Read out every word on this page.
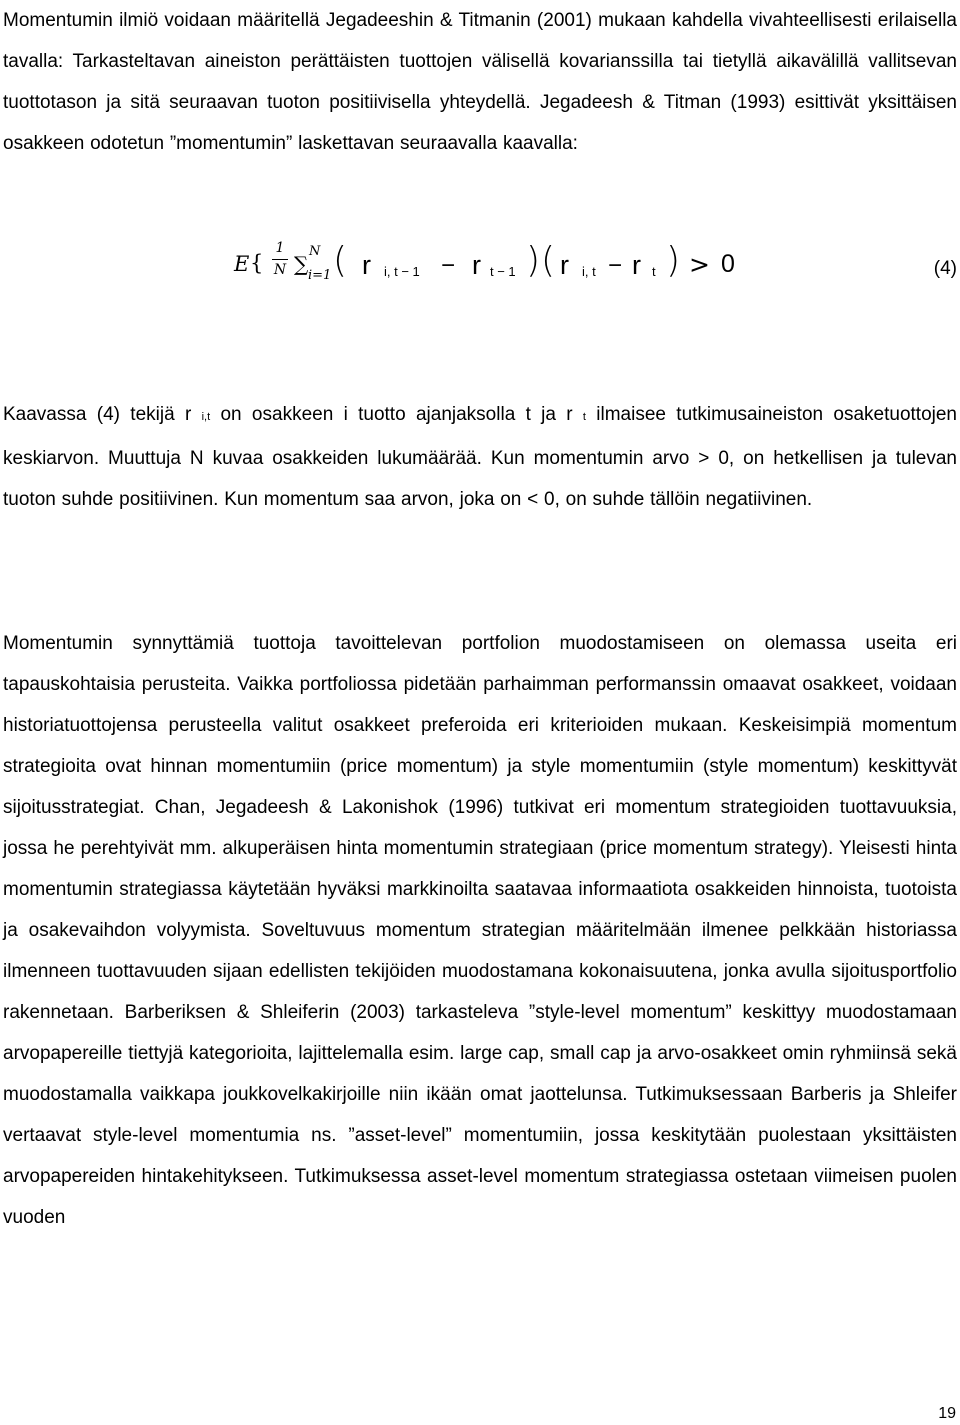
Momentumin ilmiö voidaan määritellä Jegadeeshin & Titmanin (2001) mukaan kahdella vivahteellisesti erilaisella tavalla: Tarkasteltavan aineiston perättäisten tuottojen välisellä kovarianssilla tai tietyllä aikavälillä vallitsevan tuottotason ja sitä seuraavan tuoton positiivisella yhteydellä. Jegadeesh & Titman (1993) esittivät yksittäisen osakkeen odotetun ”momentumin” laskettavan seuraavalla kaavalla:

E {
1
N ∑
N
i=1 ( r i, t − 1 − r t − 1 ) ( r i, t − r t ) > 0	(4)

Kaavassa (4) tekijä r i,t on osakkeen i tuotto ajanjaksolla t ja r t ilmaisee tutkimusaineiston osaketuottojen keskiarvon. Muuttuja N kuvaa osakkeiden lukumäärää. Kun momentumin arvo > 0, on hetkellisen ja tulevan tuoton suhde positiivinen. Kun momentum saa arvon, joka on < 0, on suhde tällöin negatiivinen.

Momentumin synnyttämiä tuottoja tavoittelevan portfolion muodostamiseen on olemassa useita eri tapauskohtaisia perusteita. Vaikka portfoliossa pidetään parhaimman performanssin omaavat osakkeet, voidaan historiatuottojensa perusteella valitut osakkeet preferoida eri kriterioiden mukaan. Keskeisimpiä momentum strategioita ovat hinnan momentumiin (price momentum) ja style momentumiin (style momentum) keskittyvät sijoitusstrategiat. Chan, Jegadeesh & Lakonishok (1996) tutkivat eri momentum strategioiden tuottavuuksia, jossa he perehtyivät mm. alkuperäisen hinta momentumin strategiaan (price momentum strategy). Yleisesti hinta momentumin strategiassa käytetään hyväksi markkinoilta saatavaa informaatiota osakkeiden hinnoista, tuotoista ja osakevaihdon volyymista. Soveltuvuus momentum strategian määritelmään ilmenee pelkkään historiassa ilmenneen tuottavuuden sijaan edellisten tekijöiden muodostamana kokonaisuutena, jonka avulla sijoitusportfolio rakennetaan. Barberiksen & Shleiferin (2003) tarkasteleva ”style-level momentum” keskittyy muodostamaan arvopapereille tiettyjä kategorioita, lajittelemalla esim. large cap, small cap ja arvo-osakkeet omin ryhmiinsä sekä muodostamalla vaikkapa joukkovelkakirjoille niin ikään omat jaottelunsa. Tutkimuksessaan Barberis ja Shleifer vertaavat style-level momentumia ns. ”asset-level” momentumiin, jossa keskitytään puolestaan yksittäisten arvopapereiden hintakehitykseen. Tutkimuksessa asset-level momentum strategiassa ostetaan viimeisen puolen vuoden

19
